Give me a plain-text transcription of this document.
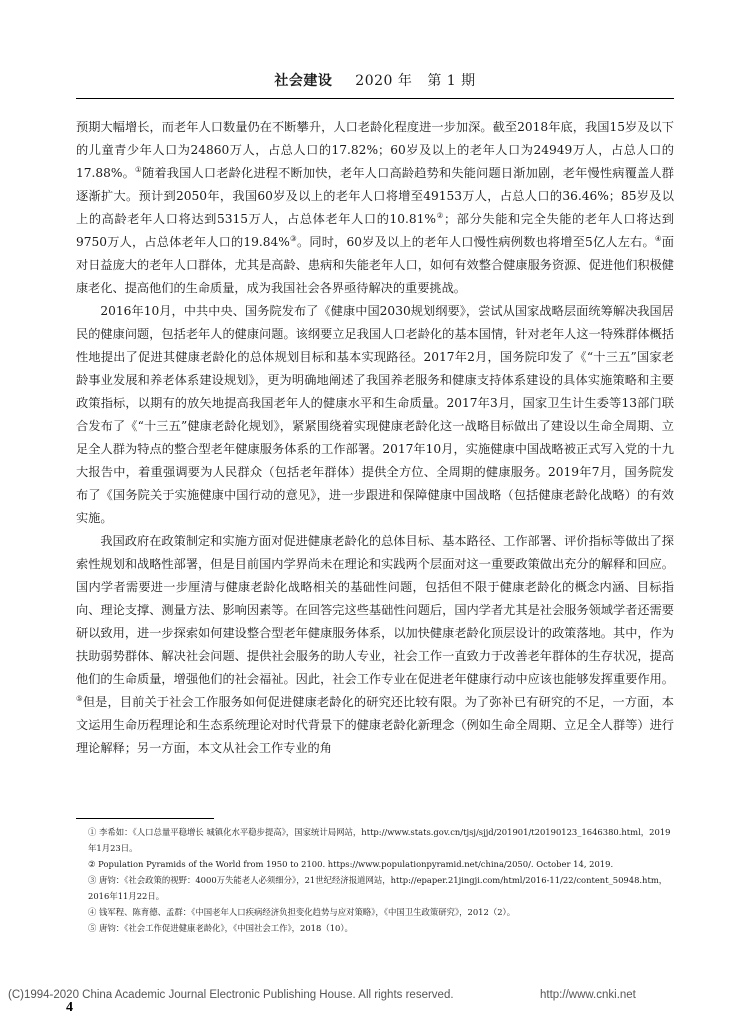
社会建设 2020 年 第 1 期

预期大幅增长，而老年人口数量仍在不断攀升，人口老龄化程度进一步加深。截至2018年底，我国15岁及以下的儿童青少年人口为24860万人，占总人口的17.82%；60岁及以上的老年人口为24949万人，占总人口的17.88%。①随着我国人口老龄化进程不断加快，老年人口高龄趋势和失能问题日渐加剧，老年慢性病覆盖人群逐渐扩大。预计到2050年，我国60岁及以上的老年人口将增至49153万人，占总人口的36.46%；85岁及以上的高龄老年人口将达到5315万人，占总体老年人口的10.81%②；部分失能和完全失能的老年人口将达到9750万人，占总体老年人口的19.84%③。同时，60岁及以上的老年人口慢性病例数也将增至5亿人左右。④面对日益庞大的老年人口群体，尤其是高龄、患病和失能老年人口，如何有效整合健康服务资源、促进他们积极健康老化、提高他们的生命质量，成为我国社会各界亟待解决的重要挑战。

2016年10月，中共中央、国务院发布了《健康中国2030规划纲要》，尝试从国家战略层面统筹解决我国居民的健康问题，包括老年人的健康问题。该纲要立足我国人口老龄化的基本国情，针对老年人这一特殊群体概括性地提出了促进其健康老龄化的总体规划目标和基本实现路径。2017年2月，国务院印发了《“十三五”国家老龄事业发展和养老体系建设规划》，更为明确地阐述了我国养老服务和健康支持体系建设的具体实施策略和主要政策指标，以期有的放矢地提高我国老年人的健康水平和生命质量。2017年3月，国家卫生计生委等13部门联合发布了《“十三五”健康老龄化规划》，紧紧围绕着实现健康老龄化这一战略目标做出了建设以生命全周期、立足全人群为特点的整合型老年健康服务体系的工作部署。2017年10月，实施健康中国战略被正式写入党的十九大报告中，着重强调要为人民群众（包括老年群体）提供全方位、全周期的健康服务。2019年7月，国务院发布了《国务院关于实施健康中国行动的意见》，进一步跟进和保障健康中国战略（包括健康老龄化战略）的有效实施。

我国政府在政策制定和实施方面对促进健康老龄化的总体目标、基本路径、工作部署、评价指标等做出了探索性规划和战略性部署，但是目前国内学界尚未在理论和实践两个层面对这一重要政策做出充分的解释和回应。国内学者需要进一步厘清与健康老龄化战略相关的基础性问题，包括但不限于健康老龄化的概念内涵、目标指向、理论支撑、测量方法、影响因素等。在回答完这些基础性问题后，国内学者尤其是社会服务领域学者还需要研以致用，进一步探索如何建设整合型老年健康服务体系，以加快健康老龄化顶层设计的政策落地。其中，作为扶助弱势群体、解决社会问题、提供社会服务的助人专业，社会工作一直致力于改善老年群体的生存状况，提高他们的生命质量，增强他们的社会福祉。因此，社会工作专业在促进老年健康行动中应该也能够发挥重要作用。⑤但是，目前关于社会工作服务如何促进健康老龄化的研究还比较有限。为了弥补已有研究的不足，一方面，本文运用生命历程理论和生态系统理论对时代背景下的健康老龄化新理念（例如生命全周期、立足全人群等）进行理论解释；另一方面，本文从社会工作专业的角

① 李希如：《人口总量平稳增长 城镇化水平稳步提高》，国家统计局网站，http://www.stats.gov.cn/tjsj/sjjd/201901/t20190123_1646380.html，2019年1月23日。
② Population Pyramids of the World from 1950 to 2100. https://www.populationpyramid.net/china/2050/. October 14, 2019.
③ 唐钧：《社会政策的视野：4000万失能老人必须细分》，21世纪经济报道网站，http://epaper.21jingji.com/html/2016-11/22/content_50948.htm，2016年11月22日。
④ 钱军程、陈育德、孟群：《中国老年人口疾病经济负担变化趋势与应对策略》，《中国卫生政策研究》，2012（2）。
⑤ 唐钧：《社会工作促进健康老龄化》，《中国社会工作》，2018（10）。
(C)1994-2020 China Academic Journal Electronic Publishing House. All rights reserved.	http://www.cnki.net
4
